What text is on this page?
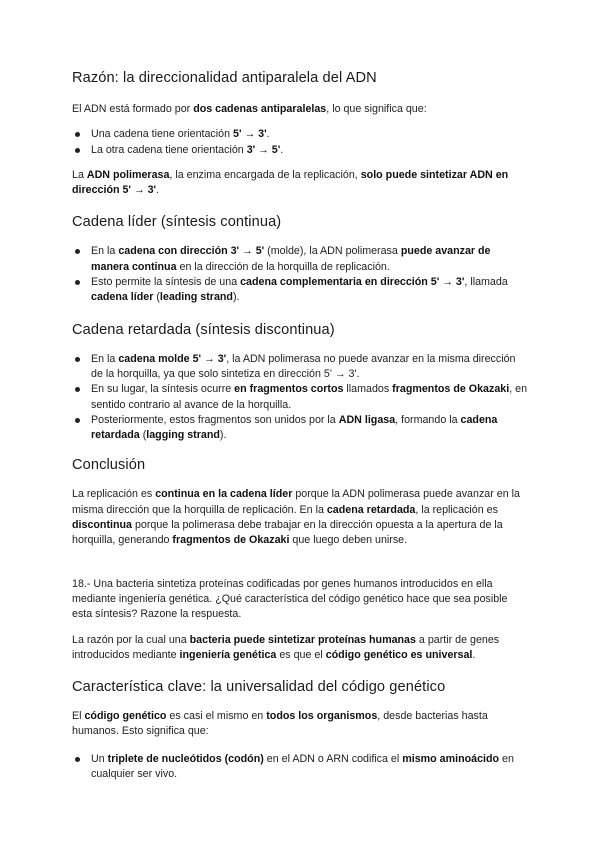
Razón: la direccionalidad antiparalela del ADN

El ADN está formado por dos cadenas antiparalelas, lo que significa que:

Una cadena tiene orientación 5' → 3'.
La otra cadena tiene orientación 3' → 5'.

La ADN polimerasa, la enzima encargada de la replicación, solo puede sintetizar ADN en dirección 5' → 3'.

Cadena líder (síntesis continua)
En la cadena con dirección 3' → 5' (molde), la ADN polimerasa puede avanzar de manera continua en la dirección de la horquilla de replicación.
Esto permite la síntesis de una cadena complementaria en dirección 5' → 3', llamada cadena líder (leading strand).
Cadena retardada (síntesis discontinua)
En la cadena molde 5' → 3', la ADN polimerasa no puede avanzar en la misma dirección de la horquilla, ya que solo sintetiza en dirección 5' → 3'.
En su lugar, la síntesis ocurre en fragmentos cortos llamados fragmentos de Okazaki, en sentido contrario al avance de la horquilla.
Posteriormente, estos fragmentos son unidos por la ADN ligasa, formando la cadena retardada (lagging strand).
Conclusión

La replicación es continua en la cadena líder porque la ADN polimerasa puede avanzar en la misma dirección que la horquilla de replicación. En la cadena retardada, la replicación es discontinua porque la polimerasa debe trabajar en la dirección opuesta a la apertura de la horquilla, generando fragmentos de Okazaki que luego deben unirse.

18.- Una bacteria sintetiza proteínas codificadas por genes humanos introducidos en ella mediante ingeniería genética. ¿Qué característica del código genético hace que sea posible esta síntesis? Razone la respuesta.

La razón por la cual una bacteria puede sintetizar proteínas humanas a partir de genes introducidos mediante ingeniería genética es que el código genético es universal.

Característica clave: la universalidad del código genético

El código genético es casi el mismo en todos los organismos, desde bacterias hasta humanos. Esto significa que:

Un triplete de nucleótidos (codón) en el ADN o ARN codifica el mismo aminoácido en cualquier ser vivo.
